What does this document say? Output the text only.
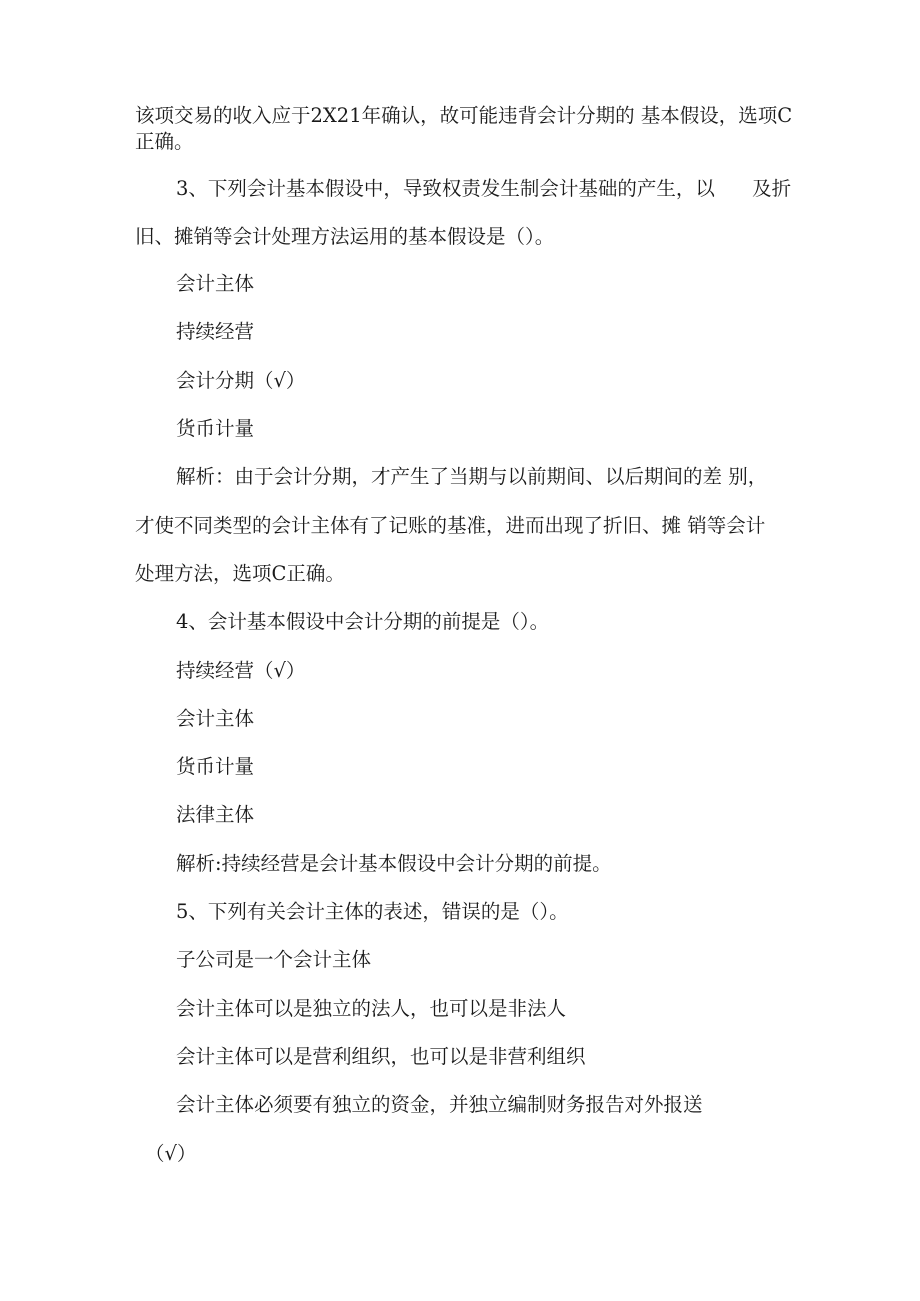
该项交易的收入应于2X21年确认，故可能违背会计分期的 基本假设，选项C

正确。

3、下列会计基本假设中，导致权责发生制会计基础的产生，以      及折

旧、摊销等会计处理方法运用的基本假设是（）。

会计主体

持续经营

会计分期（√）

货币计量

解析：由于会计分期，才产生了当期与以前期间、以后期间的差 别，

才使不同类型的会计主体有了记账的基准，进而出现了折旧、摊 销等会计

处理方法，选项C正确。

4、会计基本假设中会计分期的前提是（）。

持续经营（√）

会计主体

货币计量

法律主体

解析:持续经营是会计基本假设中会计分期的前提。

5、下列有关会计主体的表述，错误的是（）。

子公司是一个会计主体

会计主体可以是独立的法人，也可以是非法人

会计主体可以是营利组织，也可以是非营利组织

会计主体必须要有独立的资金，并独立编制财务报告对外报送

（√）
